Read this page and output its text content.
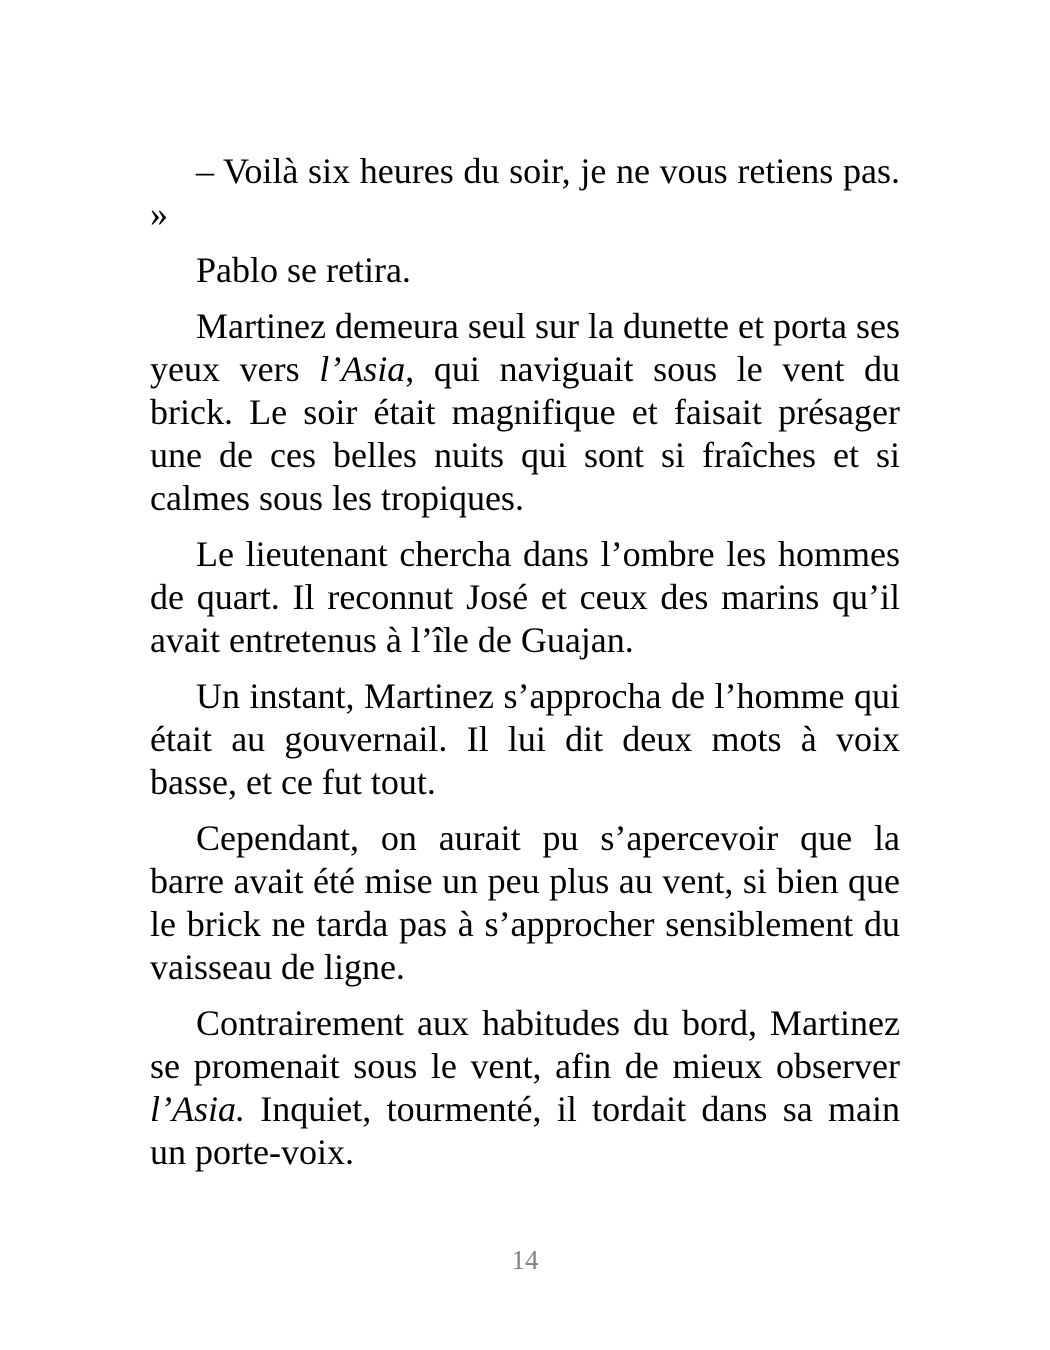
– Voilà six heures du soir, je ne vous retiens pas. »

Pablo se retira.

Martinez demeura seul sur la dunette et porta ses yeux vers l’Asia, qui naviguait sous le vent du brick. Le soir était magnifique et faisait présager une de ces belles nuits qui sont si fraîches et si calmes sous les tropiques.

Le lieutenant chercha dans l’ombre les hommes de quart. Il reconnut José et ceux des marins qu’il avait entretenus à l’île de Guajan.

Un instant, Martinez s’approcha de l’homme qui était au gouvernail. Il lui dit deux mots à voix basse, et ce fut tout.

Cependant, on aurait pu s’apercevoir que la barre avait été mise un peu plus au vent, si bien que le brick ne tarda pas à s’approcher sensiblement du vaisseau de ligne.

Contrairement aux habitudes du bord, Martinez se promenait sous le vent, afin de mieux observer l’Asia. Inquiet, tourmenté, il tordait dans sa main un porte-voix.

14
